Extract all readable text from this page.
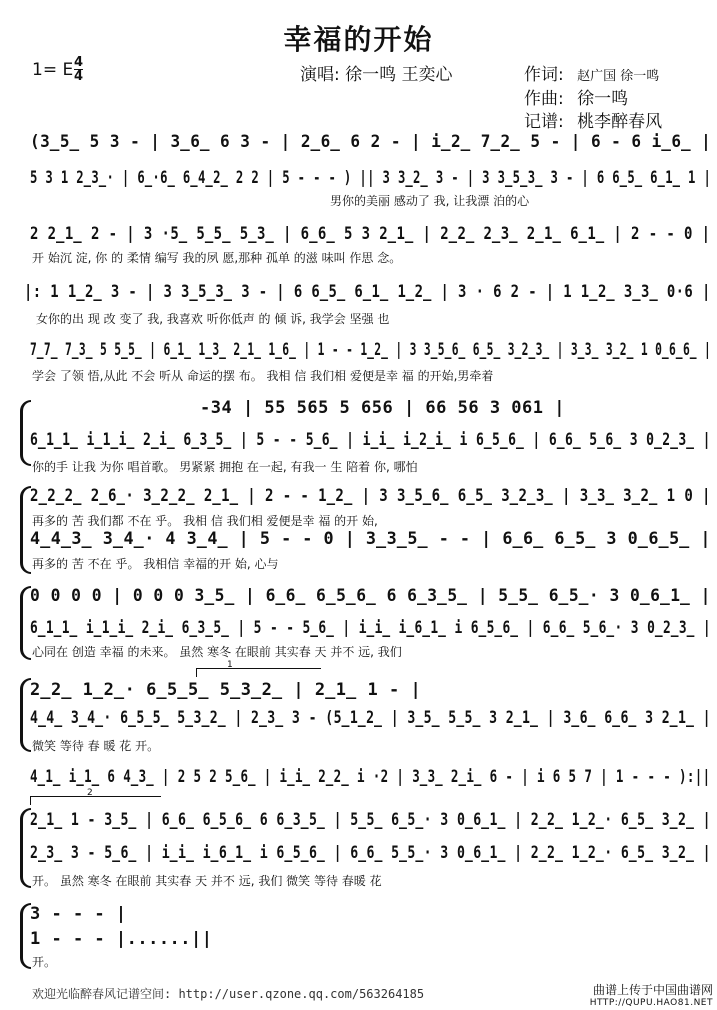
幸福的开始
1= E 4
4	演唱: 徐一鸣 王奕心	作词: 赵广国 徐一鸣
作曲: 徐一鸣
记谱: 桃李醉春风
(3̲5̲ 5 3 - | 3̲6̲ 6 3 - | 2̲6̲ 6 2 - | i̲2̲ 7̲2̲ 5 - | 6 - 6 i̲6̲ |
5 3 1 2̲3̲· | 6̲·6̲ 6̲4̲2̲ 2 2 | 5 - - - ) || 3 3̲2̲ 3 - | 3 3̲5̲3̲ 3 - | 6 6̲5̲ 6̲1̲ 1 |
男你的美丽 感动了 我, 让我漂 泊的心
2 2̲1̲ 2 - | 3 ·5̲ 5̲5̲ 5̲3̲ | 6̲6̲ 5 3 2̲1̲ | 2̲2̲ 2̲3̲ 2̲1̲ 6̲1̲ | 2 - - 0 |
开 始沉 淀, 你 的 柔情 编写 我的夙 愿,那种 孤单 的滋 味叫 作思 念。
|: 1 1̲2̲ 3 - | 3 3̲5̲3̲ 3 - | 6 6̲5̲ 6̲1̲ 1̲2̲ | 3 · 6 2 - | 1 1̲2̲ 3̲3̲ 0·6 |
女你的出 现 改 变了 我, 我喜欢 听你低声 的 倾 诉, 我学会 坚强 也
7̲7̲ 7̲3̲ 5 5̲5̲ | 6̲1̲ 1̲3̲ 2̲1̲ 1̲6̲ | 1 - - 1̲2̲ | 3 3̲5̲6̲ 6̲5̲ 3̲2̲3̲ | 3̲3̲ 3̲2̲ 1 0̲6̲6̲ |
学会 了领 悟,从此 不会 听从 命运的摆 布。 我相 信 我们相 爱便是幸 福 的开始,男牵着
-34 | 55 565 5 656 | 66 56 3 061 |
6̲1̲1̲ i̲1̲i̲ 2̲i̲ 6̲3̲5̲ | 5 - - 5̲6̲ | i̲i̲ i̲2̲i̲ i 6̲5̲6̲ | 6̲6̲ 5̲6̲ 3 0̲2̲3̲ |
你的手 让我 为你 唱首歌。 男紧紧 拥抱 在一起, 有我一 生 陪着 你, 哪怕
2̲2̲2̲ 2̲6̲· 3̲2̲2̲ 2̲1̲ | 2 - - 1̲2̲ | 3 3̲5̲6̲ 6̲5̲ 3̲2̲3̲ | 3̲3̲ 3̲2̲ 1 0 |
再多的 苦 我们都 不在 乎。 我相 信 我们相 爱便是幸 福 的开 始,
4̲4̲3̲ 3̲4̲· 4 3̲4̲ | 5 - - 0 | 3̲3̲5̲ - - | 6̲6̲ 6̲5̲ 3 0̲6̲5̲ |
再多的 苦 不在 乎。 我相信 幸福的开 始, 心与
0 0 0 0 | 0 0 0 3̲5̲ | 6̲6̲ 6̲5̲6̲ 6 6̲3̲5̲ | 5̲5̲ 6̲5̲· 3 0̲6̲1̲ |
6̲1̲1̲ i̲1̲i̲ 2̲i̲ 6̲3̲5̲ | 5 - - 5̲6̲ | i̲i̲ i̲6̲1̲ i 6̲5̲6̲ | 6̲6̲ 5̲6̲· 3 0̲2̲3̲ |
心同在 创造 幸福 的未来。 虽然 寒冬 在眼前 其实春 天 并不 远, 我们
1
2̲2̲ 1̲2̲· 6̲5̲5̲ 5̲3̲2̲ | 2̲1̲ 1 - |
4̲4̲ 3̲4̲· 6̲5̲5̲ 5̲3̲2̲ | 2̲3̲ 3 - (5̲1̲2̲ | 3̲5̲ 5̲5̲ 3 2̲1̲ | 3̲6̲ 6̲6̲ 3 2̲1̲ |
微笑 等待 春 暖 花 开。
4̲1̲ i̲1̲ 6 4̲3̲ | 2 5 2 5̲6̲ | i̲i̲ 2̲2̲ i ·2 | 3̲3̲ 2̲i̲ 6 - | i 6 5 7 | 1 - - - ):||
2
2̲1̲ 1 - 3̲5̲ | 6̲6̲ 6̲5̲6̲ 6 6̲3̲5̲ | 5̲5̲ 6̲5̲· 3 0̲6̲1̲ | 2̲2̲ 1̲2̲· 6̲5̲ 3̲2̲ |
2̲3̲ 3 - 5̲6̲ | i̲i̲ i̲6̲1̲ i 6̲5̲6̲ | 6̲6̲ 5̲5̲· 3 0̲6̲1̲ | 2̲2̲ 1̲2̲· 6̲5̲ 3̲2̲ |
开。 虽然 寒冬 在眼前 其实春 天 并不 远, 我们 微笑 等待 春暖 花
3 - - - |
1 - - - |......||
开。
欢迎光临醉春风记谱空间: http://user.qzone.qq.com/563264185	曲谱上传于中国曲谱网
HTTP://QUPU.HAO81.NET
